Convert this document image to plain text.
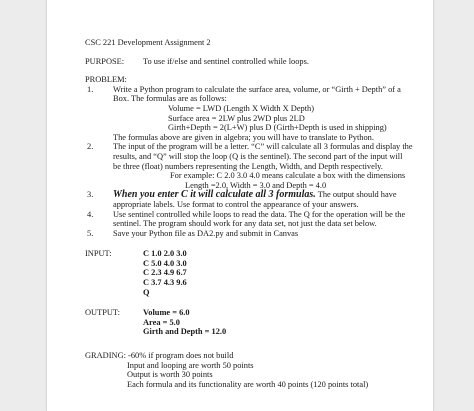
CSC 221 Development Assignment 2
PURPOSE:	To use if/else and sentinel controlled while loops.
PROBLEM:
1.	Write a Python program to calculate the surface area, volume, or “Girth + Depth” of a
Box. The formulas are as follows:
Volume = LWD (Length X Width X Depth)
Surface area = 2LW plus 2WD plus 2LD
Girth+Depth = 2(L+W) plus D (Girth+Depth is used in shipping)
The formulas above are given in algebra; you will have to translate to Python.
2.	The input of the program will be a letter. “C” will calculate all 3 formulas and display the
results, and “Q” will stop the loop (Q is the sentinel). The second part of the input will
be three (float) numbers representing the Length, Width, and Depth respectively.
For example: C 2.0 3.0 4.0 means calculate a box with the dimensions
Length =2.0, Width = 3.0 and Depth = 4.0
3.	When you enter C it will calculate all 3 formulas. The output should have
appropriate labels. Use format to control the appearance of your answers.
4.	Use sentinel controlled while loops to read the data. The Q for the operation will be the
sentinel. The program should work for any data set, not just the data set below.
5.	Save your Python file as DA2.py and submit in Canvas
INPUT:	C 1.0 2.0 3.0
C 5.0 4.0 3.0
C 2.3 4.9 6.7
C 3.7 4.3 9.6
Q
OUTPUT:	Volume = 6.0
Area = 5.0
Girth and Depth = 12.0
GRADING: -60% if program does not build
Input and looping are worth 50 points
Output is worth 30 points
Each formula and its functionality are worth 40 points (120 points total)
